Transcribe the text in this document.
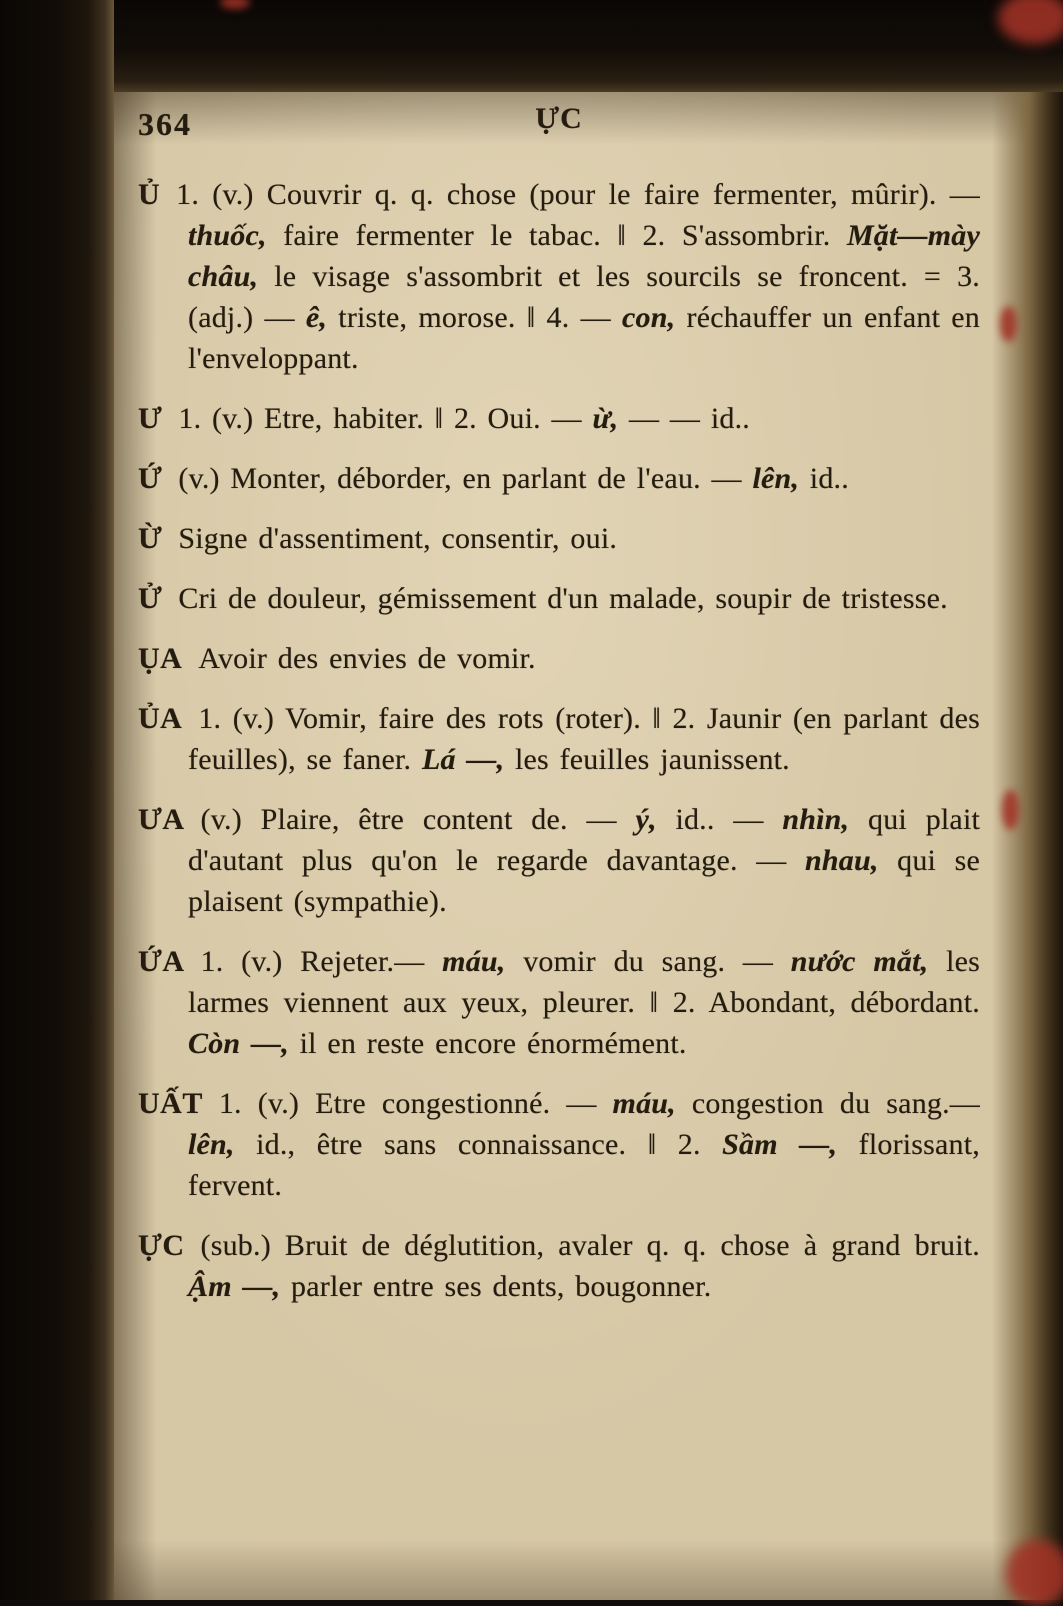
364	ỰC
Ủ 1. (v.) Couvrir q. q. chose (pour le faire fermenter, mûrir). — thuốc, faire fermenter le tabac. ‖ 2. S'assombrir. Mặt—mày châu, le visage s'assombrit et les sourcils se froncent. = 3. (adj.) — ê, triste, morose. ‖ 4. — con, réchauffer un enfant en l'enveloppant.
Ư 1. (v.) Etre, habiter. ‖ 2. Oui. — ừ, — — id..
Ứ (v.) Monter, déborder, en parlant de l'eau. — lên, id..
Ừ Signe d'assentiment, consentir, oui.
Ử Cri de douleur, gémissement d'un malade, soupir de tristesse.
ỤA Avoir des envies de vomir.
ỦA 1. (v.) Vomir, faire des rots (roter). ‖ 2. Jaunir (en parlant des feuilles), se faner. Lá —, les feuilles jaunissent.
ƯA (v.) Plaire, être content de. — ý, id.. — nhìn, qui plait d'autant plus qu'on le regarde davantage. — nhau, qui se plaisent (sympathie).
ỨA 1. (v.) Rejeter.— máu, vomir du sang. — nước mắt, les larmes viennent aux yeux, pleurer. ‖ 2. Abondant, débordant. Còn —, il en reste encore énormément.
UẤT 1. (v.) Etre congestionné. — máu, congestion du sang.—lên, id., être sans connaissance. ‖ 2. Sầm —, florissant, fervent.
ỰC (sub.) Bruit de déglutition, avaler q. q. chose à grand bruit. Ậm —, parler entre ses dents, bougonner.
